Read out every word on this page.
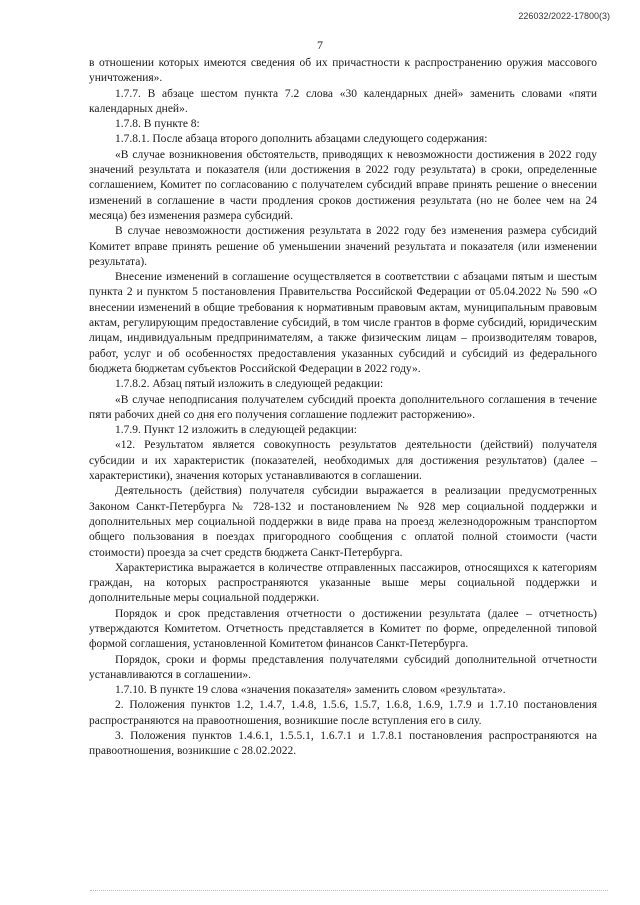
226032/2022-17800(3)
7

в отношении которых имеются сведения об их причастности к распространению оружия массового уничтожения».

1.7.7. В абзаце шестом пункта 7.2 слова «30 календарных дней» заменить словами «пяти календарных дней».

1.7.8. В пункте 8:

1.7.8.1. После абзаца второго дополнить абзацами следующего содержания:

«В случае возникновения обстоятельств, приводящих к невозможности достижения в 2022 году значений результата и показателя (или достижения в 2022 году результата) в сроки, определенные соглашением, Комитет по согласованию с получателем субсидий вправе принять решение о внесении изменений в соглашение в части продления сроков достижения результата (но не более чем на 24 месяца) без изменения размера субсидий.

В случае невозможности достижения результата в 2022 году без изменения размера субсидий Комитет вправе принять решение об уменьшении значений результата и показателя (или изменении результата).

Внесение изменений в соглашение осуществляется в соответствии с абзацами пятым и шестым пункта 2 и пунктом 5 постановления Правительства Российской Федерации от 05.04.2022 № 590 «О внесении изменений в общие требования к нормативным правовым актам, муниципальным правовым актам, регулирующим предоставление субсидий, в том числе грантов в форме субсидий, юридическим лицам, индивидуальным предпринимателям, а также физическим лицам – производителям товаров, работ, услуг и об особенностях предоставления указанных субсидий и субсидий из федерального бюджета бюджетам субъектов Российской Федерации в 2022 году».

1.7.8.2. Абзац пятый изложить в следующей редакции:

«В случае неподписания получателем субсидий проекта дополнительного соглашения в течение пяти рабочих дней со дня его получения соглашение подлежит расторжению».

1.7.9. Пункт 12 изложить в следующей редакции:

«12. Результатом является совокупность результатов деятельности (действий) получателя субсидии и их характеристик (показателей, необходимых для достижения результатов) (далее – характеристики), значения которых устанавливаются в соглашении.

Деятельность (действия) получателя субсидии выражается в реализации предусмотренных Законом Санкт-Петербурга № 728-132 и постановлением № 928 мер социальной поддержки и дополнительных мер социальной поддержки в виде права на проезд железнодорожным транспортом общего пользования в поездах пригородного сообщения с оплатой полной стоимости (части стоимости) проезда за счет средств бюджета Санкт-Петербурга.

Характеристика выражается в количестве отправленных пассажиров, относящихся к категориям граждан, на которых распространяются указанные выше меры социальной поддержки и дополнительные меры социальной поддержки.

Порядок и срок представления отчетности о достижении результата (далее – отчетность) утверждаются Комитетом. Отчетность представляется в Комитет по форме, определенной типовой формой соглашения, установленной Комитетом финансов Санкт-Петербурга.

Порядок, сроки и формы представления получателями субсидий дополнительной отчетности устанавливаются в соглашении».

1.7.10. В пункте 19 слова «значения показателя» заменить словом «результата».

2. Положения пунктов 1.2, 1.4.7, 1.4.8, 1.5.6, 1.5.7, 1.6.8, 1.6.9, 1.7.9 и 1.7.10 постановления распространяются на правоотношения, возникшие после вступления его в силу.

3. Положения пунктов 1.4.6.1, 1.5.5.1, 1.6.7.1 и 1.7.8.1 постановления распространяются на правоотношения, возникшие с 28.02.2022.
